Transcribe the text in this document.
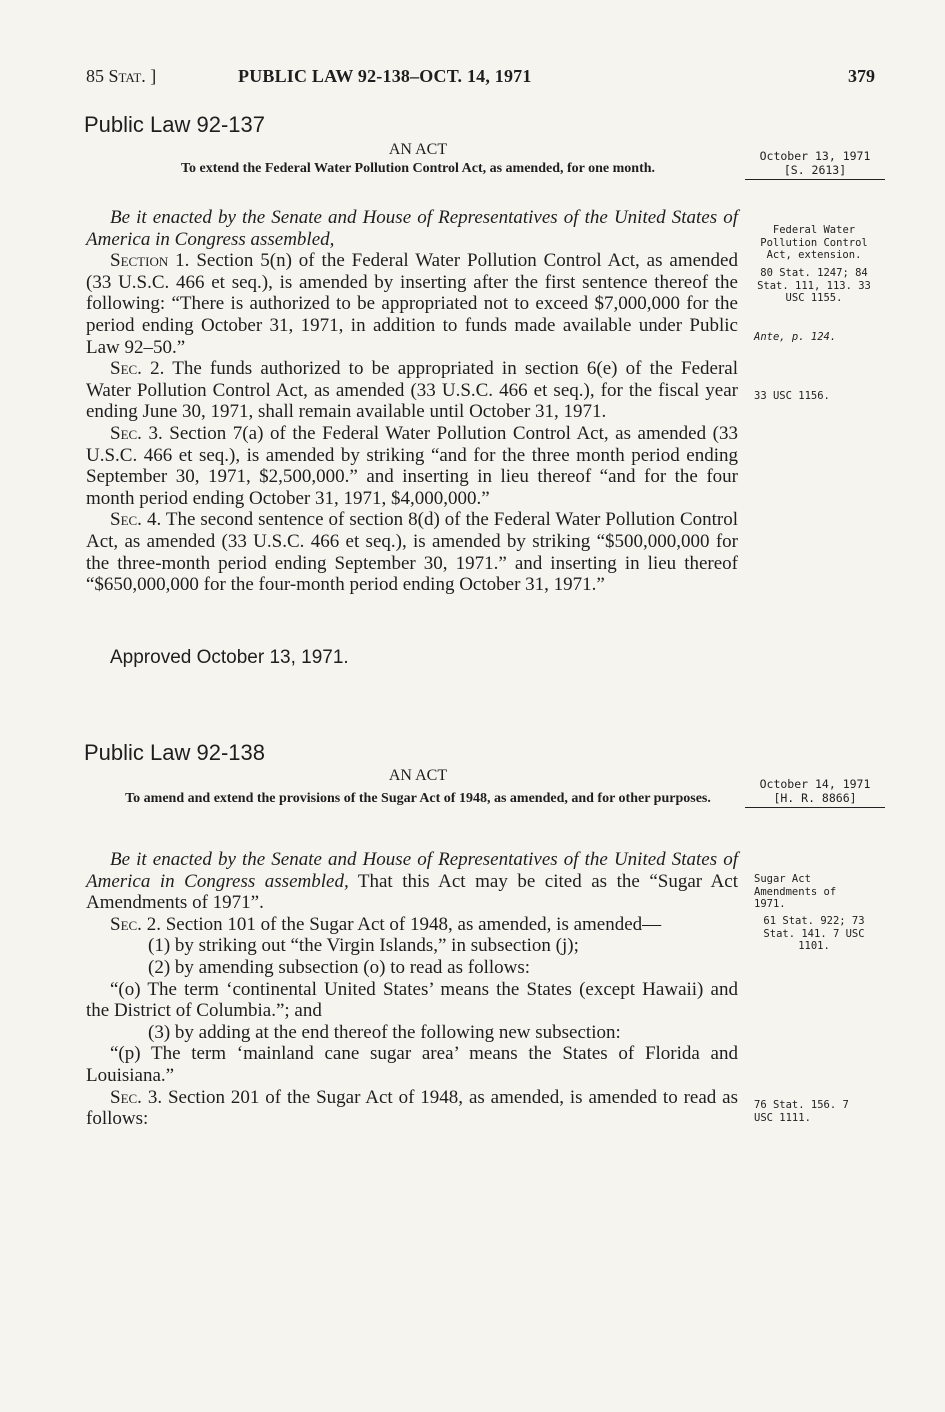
85 Stat. ]	PUBLIC LAW 92-138–OCT. 14, 1971	379
Public Law 92-137
AN ACT
To extend the Federal Water Pollution Control Act, as amended, for one month.
October 13, 1971
[S. 2613]

Be it enacted by the Senate and House of Representatives of the United States of America in Congress assembled,

Section 1. Section 5(n) of the Federal Water Pollution Control Act, as amended (33 U.S.C. 466 et seq.), is amended by inserting after the first sentence thereof the following: “There is authorized to be appropriated not to exceed $7,000,000 for the period ending October 31, 1971, in addition to funds made available under Public Law 92–50.”

Sec. 2. The funds authorized to be appropriated in section 6(e) of the Federal Water Pollution Control Act, as amended (33 U.S.C. 466 et seq.), for the fiscal year ending June 30, 1971, shall remain available until October 31, 1971.

Sec. 3. Section 7(a) of the Federal Water Pollution Control Act, as amended (33 U.S.C. 466 et seq.), is amended by striking “and for the three month period ending September 30, 1971, $2,500,000.” and inserting in lieu thereof “and for the four month period ending October 31, 1971, $4,000,000.”

Sec. 4. The second sentence of section 8(d) of the Federal Water Pollution Control Act, as amended (33 U.S.C. 466 et seq.), is amended by striking “$500,000,000 for the three-month period ending September 30, 1971.” and inserting in lieu thereof “$650,000,000 for the four-month period ending October 31, 1971.”

Approved October 13, 1971.
Federal Water Pollution Control Act, extension.
80 Stat. 1247; 84 Stat. 111, 113. 33 USC 1155.
Ante, p. 124.
33 USC 1156.
Public Law 92-138
AN ACT
To amend and extend the provisions of the Sugar Act of 1948, as amended, and for other purposes.
October 14, 1971
[H. R. 8866]

Be it enacted by the Senate and House of Representatives of the United States of America in Congress assembled, That this Act may be cited as the “Sugar Act Amendments of 1971”.

Sec. 2. Section 101 of the Sugar Act of 1948, as amended, is amended—

(1) by striking out “the Virgin Islands,” in subsection (j);

(2) by amending subsection (o) to read as follows:

“(o) The term ‘continental United States’ means the States (except Hawaii) and the District of Columbia.”; and

(3) by adding at the end thereof the following new subsection:

“(p) The term ‘mainland cane sugar area’ means the States of Florida and Louisiana.”

Sec. 3. Section 201 of the Sugar Act of 1948, as amended, is amended to read as follows:

Sugar Act Amendments of 1971.
61 Stat. 922; 73 Stat. 141. 7 USC 1101.
76 Stat. 156. 7 USC 1111.
